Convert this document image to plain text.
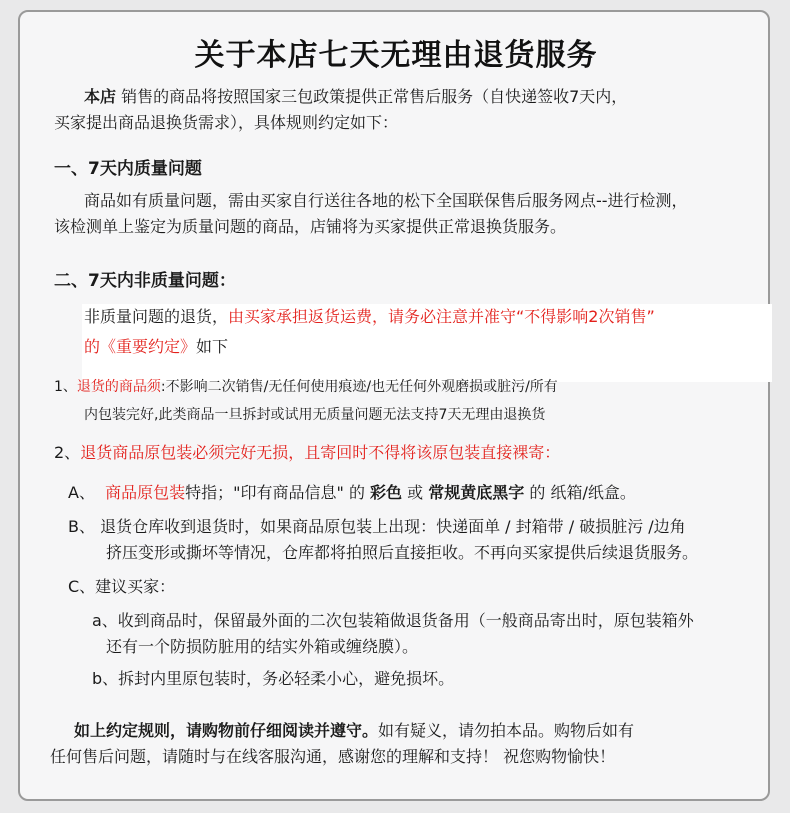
关于本店七天无理由退货服务
本店 销售的商品将按照国家三包政策提供正常售后服务（自快递签收7天内，
买家提出商品退换货需求），具体规则约定如下：
一、7天内质量问题
商品如有质量问题，需由买家自行送往各地的松下全国联保售后服务网点--进行检测，
该检测单上鉴定为质量问题的商品，店铺将为买家提供正常退换货服务。
二、7天内非质量问题：
非质量问题的退货，由买家承担返货运费，请务必注意并准守“不得影响2次销售”
的《重要约定》如下
1、退货的商品须:不影响二次销售/无任何使用痕迹/也无任何外观磨损或脏污/所有
内包装完好,此类商品一旦拆封或试用无质量问题无法支持7天无理由退换货
2、退货商品原包装必须完好无损，且寄回时不得将该原包装直接裸寄：
A、 商品原包装特指；"印有商品信息" 的 彩色 或 常规黄底黑字 的 纸箱/纸盒。
B、 退货仓库收到退货时，如果商品原包装上出现：快递面单 / 封箱带 / 破损脏污 /边角
挤压变形或撕坏等情况，仓库都将拍照后直接拒收。不再向买家提供后续退货服务。
C、建议买家：
a、收到商品时，保留最外面的二次包装箱做退货备用（一般商品寄出时，原包装箱外
还有一个防损防脏用的结实外箱或缠绕膜）。
b、拆封内里原包装时，务必轻柔小心，避免损坏。
如上约定规则，请购物前仔细阅读并遵守。如有疑义，请勿拍本品。购物后如有
任何售后问题，请随时与在线客服沟通，感谢您的理解和支持！ 祝您购物愉快！
